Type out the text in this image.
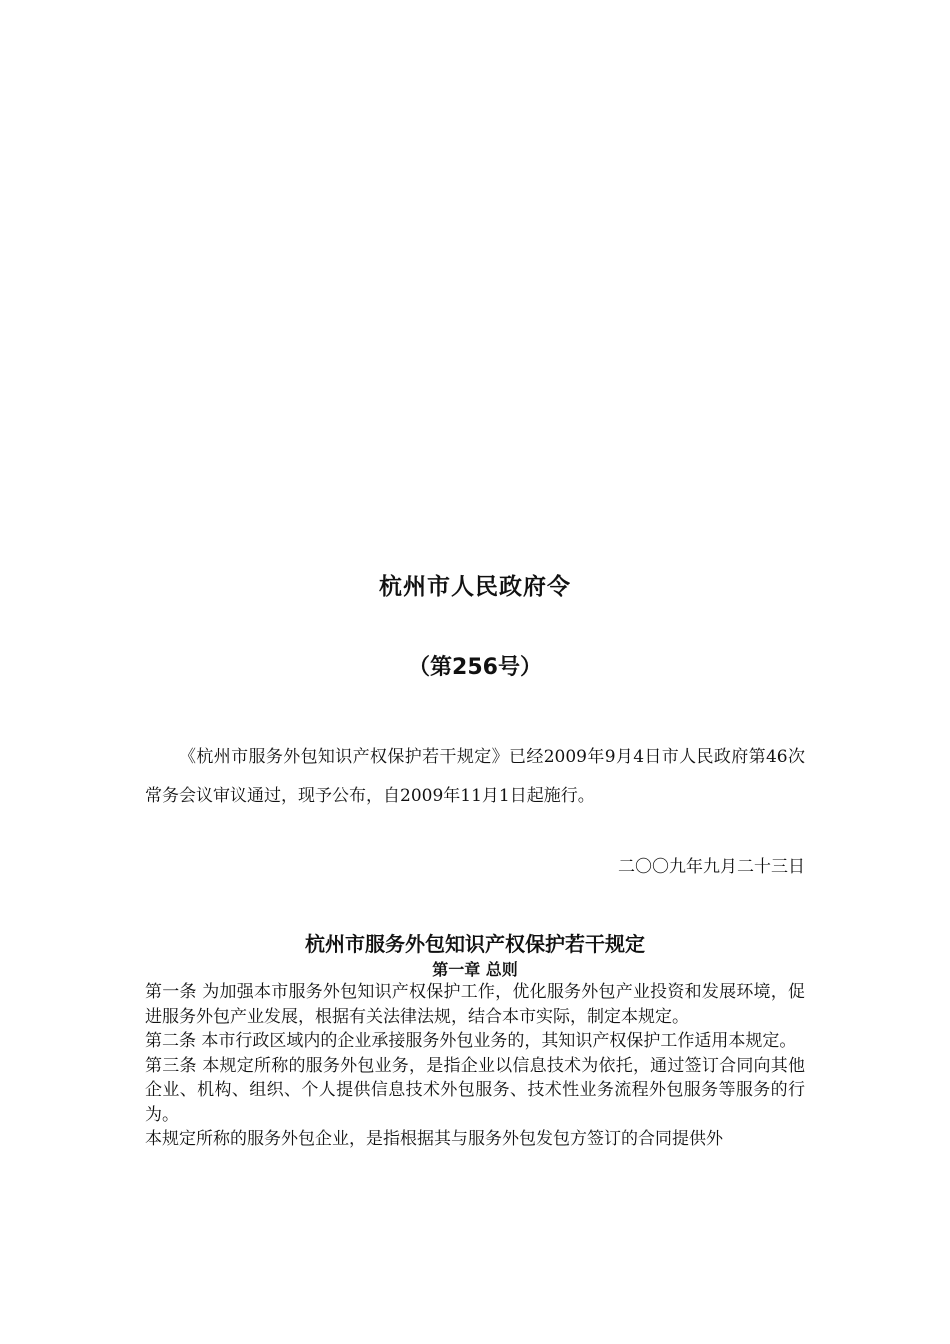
杭州市人民政府令
（第256号）
《杭州市服务外包知识产权保护若干规定》已经2009年9月4日市人民政府第46次常务会议审议通过，现予公布，自2009年11月1日起施行。
二〇〇九年九月二十三日
杭州市服务外包知识产权保护若干规定
第一章 总则

第一条 为加强本市服务外包知识产权保护工作，优化服务外包产业投资和发展环境，促进服务外包产业发展，根据有关法律法规，结合本市实际，制定本规定。

第二条 本市行政区域内的企业承接服务外包业务的，其知识产权保护工作适用本规定。

第三条 本规定所称的服务外包业务，是指企业以信息技术为依托，通过签订合同向其他企业、机构、组织、个人提供信息技术外包服务、技术性业务流程外包服务等服务的行为。

本规定所称的服务外包企业，是指根据其与服务外包发包方签订的合同提供外
